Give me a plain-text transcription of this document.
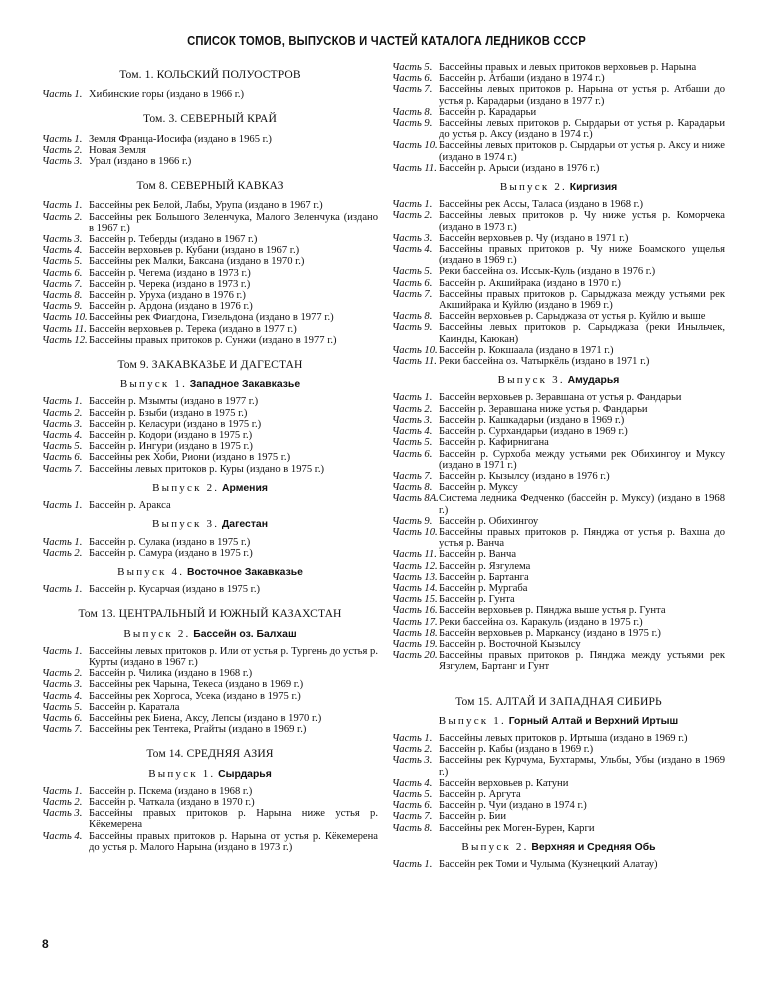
СПИСОК ТОМОВ, ВЫПУСКОВ И ЧАСТЕЙ КАТАЛОГА ЛЕДНИКОВ СССР
Том. 1. КОЛЬСКИЙ ПОЛУОСТРОВ
Часть 1. Хибинские горы (издано в 1966 г.)
Том. 3. СЕВЕРНЫЙ КРАЙ
Часть 1. Земля Франца-Иосифа (издано в 1965 г.)
Часть 2. Новая Земля
Часть 3. Урал (издано в 1966 г.)
Том 8. СЕВЕРНЫЙ КАВКАЗ
Часть 1. Бассейны рек Белой, Лабы, Урупа (издано в 1967 г.)
Часть 2. Бассейны рек Большого Зеленчука, Малого Зеленчука (издано в 1967 г.)
Часть 3. Бассейн р. Теберды (издано в 1967 г.)
Часть 4. Бассейн верховьев р. Кубани (издано в 1967 г.)
Часть 5. Бассейны рек Малки, Баксана (издано в 1970 г.)
Часть 6. Бассейн р. Чегема (издано в 1973 г.)
Часть 7. Бассейн р. Черека (издано в 1973 г.)
Часть 8. Бассейн р. Уруха (издано в 1976 г.)
Часть 9. Бассейн р. Ардона (издано в 1976 г.)
Часть 10. Бассейны рек Фиагдона, Гизельдона (издано в 1977 г.)
Часть 11. Бассейн верховьев р. Терека (издано в 1977 г.)
Часть 12. Бассейны правых притоков р. Сунжи (издано в 1977 г.)
Том 9. ЗАКАВКАЗЬЕ И ДАГЕСТАН
Выпуск 1. Западное Закавказье
Часть 1. Бассейн р. Мзымты (издано в 1977 г.)
Часть 2. Бассейн р. Бзыби (издано в 1975 г.)
Часть 3. Бассейн р. Келасури (издано в 1975 г.)
Часть 4. Бассейн р. Кодори (издано в 1975 г.)
Часть 5. Бассейн р. Ингури (издано в 1975 г.)
Часть 6. Бассейны рек Хоби, Риони (издано в 1975 г.)
Часть 7. Бассейны левых притоков р. Куры (издано в 1975 г.)
Выпуск 2. Армения
Часть 1. Бассейн р. Аракса
Выпуск 3. Дагестан
Часть 1. Бассейн р. Сулака (издано в 1975 г.)
Часть 2. Бассейн р. Самура (издано в 1975 г.)
Выпуск 4. Восточное Закавказье
Часть 1. Бассейн р. Кусарчая (издано в 1975 г.)
Том 13. ЦЕНТРАЛЬНЫЙ И ЮЖНЫЙ КАЗАХСТАН
Выпуск 2. Бассейн оз. Балхаш
Часть 1. Бассейны левых притоков р. Или от устья р. Тургень до устья р. Курты (издано в 1967 г.)
Часть 2. Бассейн р. Чилика (издано в 1968 г.)
Часть 3. Бассейны рек Чарына, Текеса (издано в 1969 г.)
Часть 4. Бассейны рек Хоргоса, Усека (издано в 1975 г.)
Часть 5. Бассейн р. Каратала
Часть 6. Бассейны рек Биена, Аксу, Лепсы (издано в 1970 г.)
Часть 7. Бассейны рек Тентека, Ргайты (издано в 1969 г.)
Том 14. СРЕДНЯЯ АЗИЯ
Выпуск 1. Сырдарья
Часть 1. Бассейн р. Пскема (издано в 1968 г.)
Часть 2. Бассейн р. Чаткала (издано в 1970 г.)
Часть 3. Бассейны правых притоков р. Нарына ниже устья р. Кёкемерена
Часть 4. Бассейны правых притоков р. Нарына от устья р. Кёкемерена до устья р. Малого Нарына (издано в 1973 г.)
Часть 5. Бассейны правых и левых притоков верховьев р. Нарына
Часть 6. Бассейн р. Атбаши (издано в 1974 г.)
Часть 7. Бассейны левых притоков р. Нарына от устья р. Атбаши до устья р. Карадарьи (издано в 1977 г.)
Часть 8. Бассейн р. Карадарьи
Часть 9. Бассейны левых притоков р. Сырдарьи от устья р. Карадарьи до устья р. Аксу (издано в 1974 г.)
Часть 10. Бассейны левых притоков р. Сырдарьи от устья р. Аксу и ниже (издано в 1974 г.)
Часть 11. Бассейн р. Арыси (издано в 1976 г.)
Выпуск 2. Киргизия
Часть 1. Бассейны рек Ассы, Таласа (издано в 1968 г.)
Часть 2. Бассейны левых притоков р. Чу ниже устья р. Коморчека (издано в 1973 г.)
Часть 3. Бассейн верховьев р. Чу (издано в 1971 г.)
Часть 4. Бассейны правых притоков р. Чу ниже Боамского ущелья (издано в 1969 г.)
Часть 5. Реки бассейна оз. Иссык-Куль (издано в 1976 г.)
Часть 6. Бассейн р. Акшийрака (издано в 1970 г.)
Часть 7. Бассейны правых притоков р. Сарыджаза между устьями рек Акшийрака и Куйлю (издано в 1969 г.)
Часть 8. Бассейн верховьев р. Сарыджаза от устья р. Куйлю и выше
Часть 9. Бассейны левых притоков р. Сарыджаза (реки Иныльчек, Каинды, Каюкан)
Часть 10. Бассейн р. Кокшаала (издано в 1971 г.)
Часть 11. Реки бассейна оз. Чатыркёль (издано в 1971 г.)
Выпуск 3. Амударья
Часть 1. Бассейн верховьев р. Зеравшана от устья р. Фандарьи
Часть 2. Бассейн р. Зеравшана ниже устья р. Фандарьи
Часть 3. Бассейн р. Кашкадарьи (издано в 1969 г.)
Часть 4. Бассейн р. Сурхандарьи (издано в 1969 г.)
Часть 5. Бассейн р. Кафирнигана
Часть 6. Бассейн р. Сурхоба между устьями рек Обихингоу и Муксу (издано в 1971 г.)
Часть 7. Бассейн р. Кызылсу (издано в 1976 г.)
Часть 8. Бассейн р. Муксу
Часть 8А. Система ледника Федченко (бассейн р. Муксу) (издано в 1968 г.)
Часть 9. Бассейн р. Обихингоу
Часть 10. Бассейны правых притоков р. Пянджа от устья р. Вахша до устья р. Ванча
Часть 11. Бассейн р. Ванча
Часть 12. Бассейн р. Язгулема
Часть 13. Бассейн р. Бартанга
Часть 14. Бассейн р. Мургаба
Часть 15. Бассейн р. Гунта
Часть 16. Бассейн верховьев р. Пянджа выше устья р. Гунта
Часть 17. Реки бассейна оз. Каракуль (издано в 1975 г.)
Часть 18. Бассейн верховьев р. Маркансу (издано в 1975 г.)
Часть 19. Бассейн р. Восточной Кызылсу
Часть 20. Бассейны правых притоков р. Пянджа между устьями рек Язгулем, Бартанг и Гунт
Том 15. АЛТАЙ И ЗАПАДНАЯ СИБИРЬ
Выпуск 1. Горный Алтай и Верхний Иртыш
Часть 1. Бассейны левых притоков р. Иртыша (издано в 1969 г.)
Часть 2. Бассейн р. Кабы (издано в 1969 г.)
Часть 3. Бассейны рек Курчума, Бухтармы, Ульбы, Убы (издано в 1969 г.)
Часть 4. Бассейн верховьев р. Катуни
Часть 5. Бассейн р. Аргута
Часть 6. Бассейн р. Чуи (издано в 1974 г.)
Часть 7. Бассейн р. Бии
Часть 8. Бассейны рек Моген-Бурен, Карги
Выпуск 2. Верхняя и Средняя Обь
Часть 1. Бассейн рек Томи и Чулыма (Кузнецкий Алатау)
8
